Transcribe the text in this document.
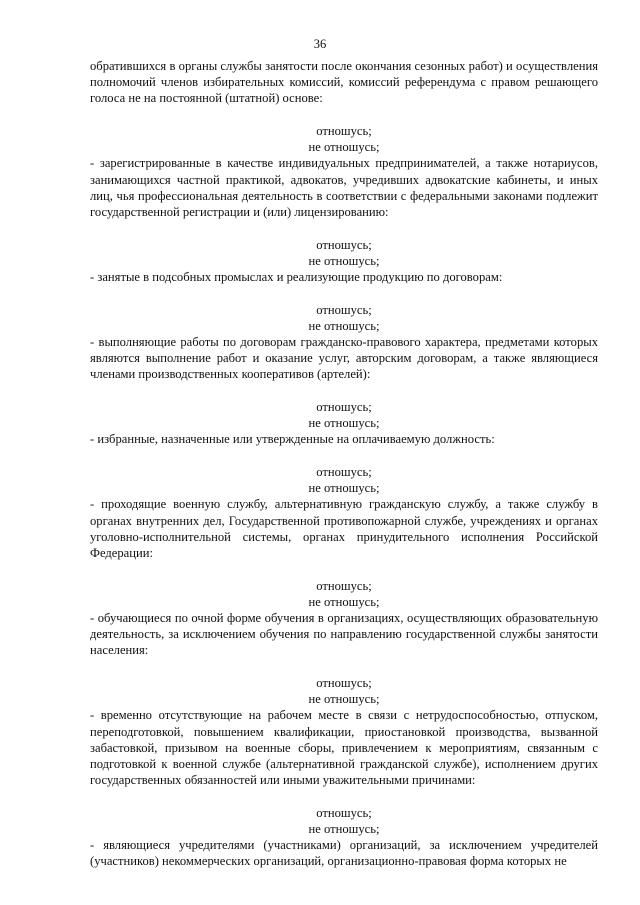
36

обратившихся в органы службы занятости после окончания сезонных работ) и осуществления полномочий членов избирательных комиссий, комиссий референдума с правом решающего голоса не на постоянной (штатной) основе:

отношусь;

не отношусь;

- зарегистрированные в качестве индивидуальных предпринимателей, а также нотариусов, занимающихся частной практикой, адвокатов, учредивших адвокатские кабинеты, и иных лиц, чья профессиональная деятельность в соответствии с федеральными законами подлежит государственной регистрации и (или) лицензированию:

отношусь;

не отношусь;

- занятые в подсобных промыслах и реализующие продукцию по договорам:

отношусь;

не отношусь;

- выполняющие работы по договорам гражданско-правового характера, предметами которых являются выполнение работ и оказание услуг, авторским договорам, а также являющиеся членами производственных кооперативов (артелей):

отношусь;

не отношусь;

- избранные, назначенные или утвержденные на оплачиваемую должность:

отношусь;

не отношусь;

- проходящие военную службу, альтернативную гражданскую службу, а также службу в органах внутренних дел, Государственной противопожарной службе, учреждениях и органах уголовно-исполнительной системы, органах принудительного исполнения Российской Федерации:

отношусь;

не отношусь;

- обучающиеся по очной форме обучения в организациях, осуществляющих образовательную деятельность, за исключением обучения по направлению государственной службы занятости населения:

отношусь;

не отношусь;

- временно отсутствующие на рабочем месте в связи с нетрудоспособностью, отпуском, переподготовкой, повышением квалификации, приостановкой производства, вызванной забастовкой, призывом на военные сборы, привлечением к мероприятиям, связанным с подготовкой к военной службе (альтернативной гражданской службе), исполнением других государственных обязанностей или иными уважительными причинами:

отношусь;

не отношусь;

- являющиеся учредителями (участниками) организаций, за исключением учредителей (участников) некоммерческих организаций, организационно-правовая форма которых не
